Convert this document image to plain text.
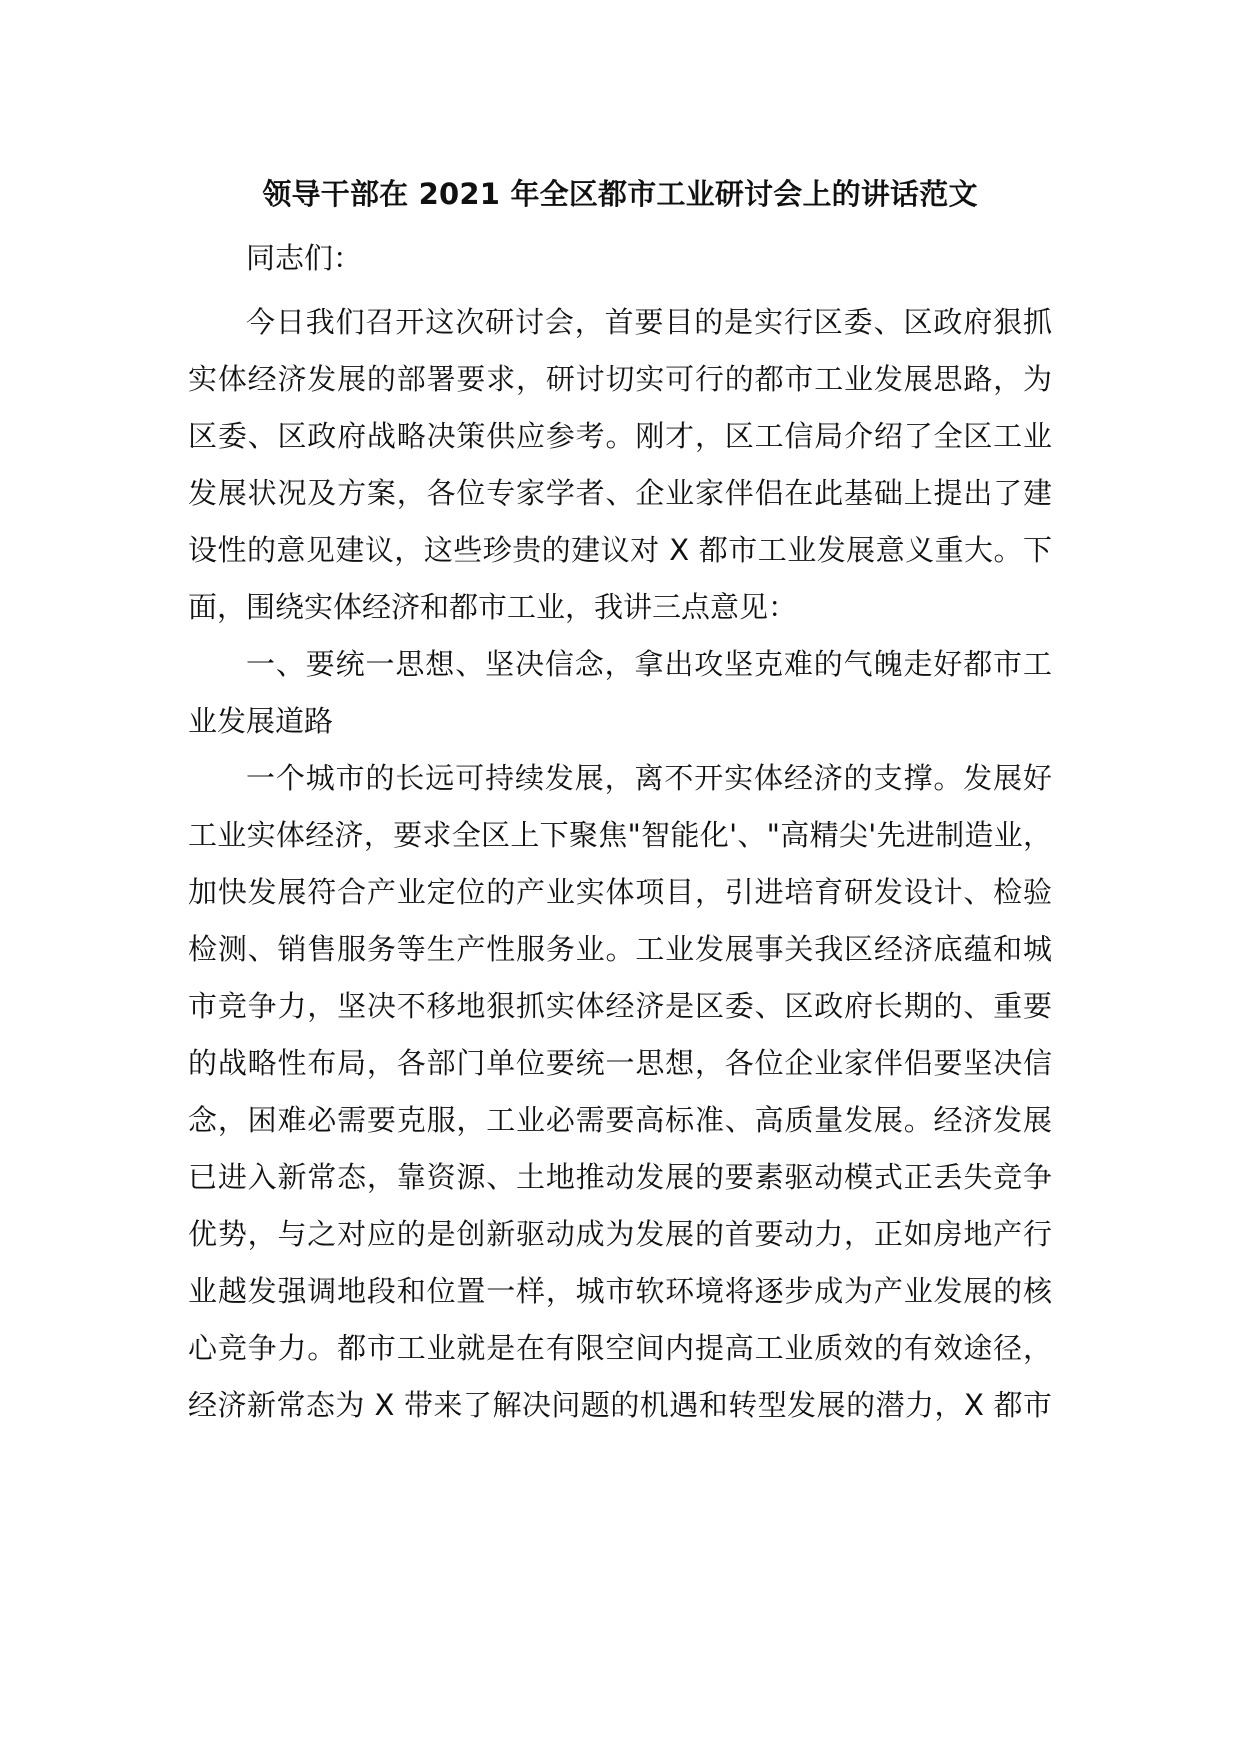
领导干部在 2021 年全区都市工业研讨会上的讲话范文
同志们：
今日我们召开这次研讨会，首要目的是实行区委、区政府狠抓
实体经济发展的部署要求，研讨切实可行的都市工业发展思路，为
区委、区政府战略决策供应参考。刚才，区工信局介绍了全区工业
发展状况及方案，各位专家学者、企业家伴侣在此基础上提出了建
设性的意见建议，这些珍贵的建议对 X 都市工业发展意义重大。下
面，围绕实体经济和都市工业，我讲三点意见：
一、要统一思想、坚决信念，拿出攻坚克难的气魄走好都市工
业发展道路
一个城市的长远可持续发展，离不开实体经济的支撑。发展好
工业实体经济，要求全区上下聚焦"智能化'、"高精尖'先进制造业，
加快发展符合产业定位的产业实体项目，引进培育研发设计、检验
检测、销售服务等生产性服务业。工业发展事关我区经济底蕴和城
市竞争力，坚决不移地狠抓实体经济是区委、区政府长期的、重要
的战略性布局，各部门单位要统一思想，各位企业家伴侣要坚决信
念，困难必需要克服，工业必需要高标准、高质量发展。经济发展
已进入新常态，靠资源、土地推动发展的要素驱动模式正丢失竞争
优势，与之对应的是创新驱动成为发展的首要动力，正如房地产行
业越发强调地段和位置一样，城市软环境将逐步成为产业发展的核
心竞争力。都市工业就是在有限空间内提高工业质效的有效途径，
经济新常态为 X 带来了解决问题的机遇和转型发展的潜力，X 都市
